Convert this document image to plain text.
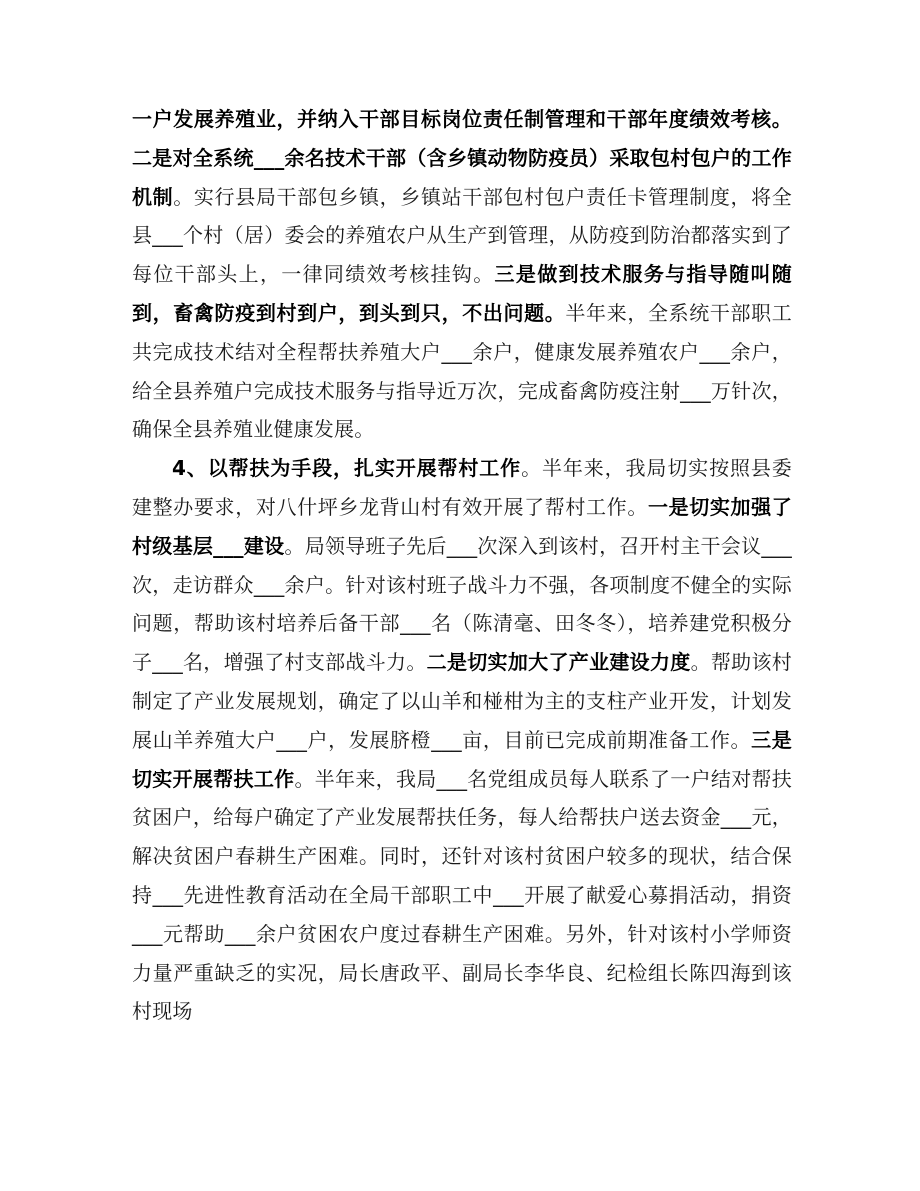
一户发展养殖业，并纳入干部目标岗位责任制管理和干部年度绩效考核。二是对全系统___余名技术干部（含乡镇动物防疫员）采取包村包户的工作机制。实行县局干部包乡镇，乡镇站干部包村包户责任卡管理制度，将全县___个村（居）委会的养殖农户从生产到管理，从防疫到防治都落实到了每位干部头上，一律同绩效考核挂钩。三是做到技术服务与指导随叫随到，畜禽防疫到村到户，到头到只，不出问题。半年来，全系统干部职工共完成技术结对全程帮扶养殖大户___余户，健康发展养殖农户___余户，给全县养殖户完成技术服务与指导近万次，完成畜禽防疫注射___万针次，确保全县养殖业健康发展。

4、以帮扶为手段，扎实开展帮村工作。半年来，我局切实按照县委建整办要求，对八什坪乡龙背山村有效开展了帮村工作。一是切实加强了村级基层___建设。局领导班子先后___次深入到该村，召开村主干会议___次，走访群众___余户。针对该村班子战斗力不强，各项制度不健全的实际问题，帮助该村培养后备干部___名（陈清毫、田冬冬），培养建党积极分子___名，增强了村支部战斗力。二是切实加大了产业建设力度。帮助该村制定了产业发展规划，确定了以山羊和椪柑为主的支柱产业开发，计划发展山羊养殖大户___户，发展脐橙___亩，目前已完成前期准备工作。三是切实开展帮扶工作。半年来，我局___名党组成员每人联系了一户结对帮扶贫困户，给每户确定了产业发展帮扶任务，每人给帮扶户送去资金___元，解决贫困户春耕生产困难。同时，还针对该村贫困户较多的现状，结合保持___先进性教育活动在全局干部职工中___开展了献爱心募捐活动，捐资___元帮助___余户贫困农户度过春耕生产困难。另外，针对该村小学师资力量严重缺乏的实况，局长唐政平、副局长李华良、纪检组长陈四海到该村现场
